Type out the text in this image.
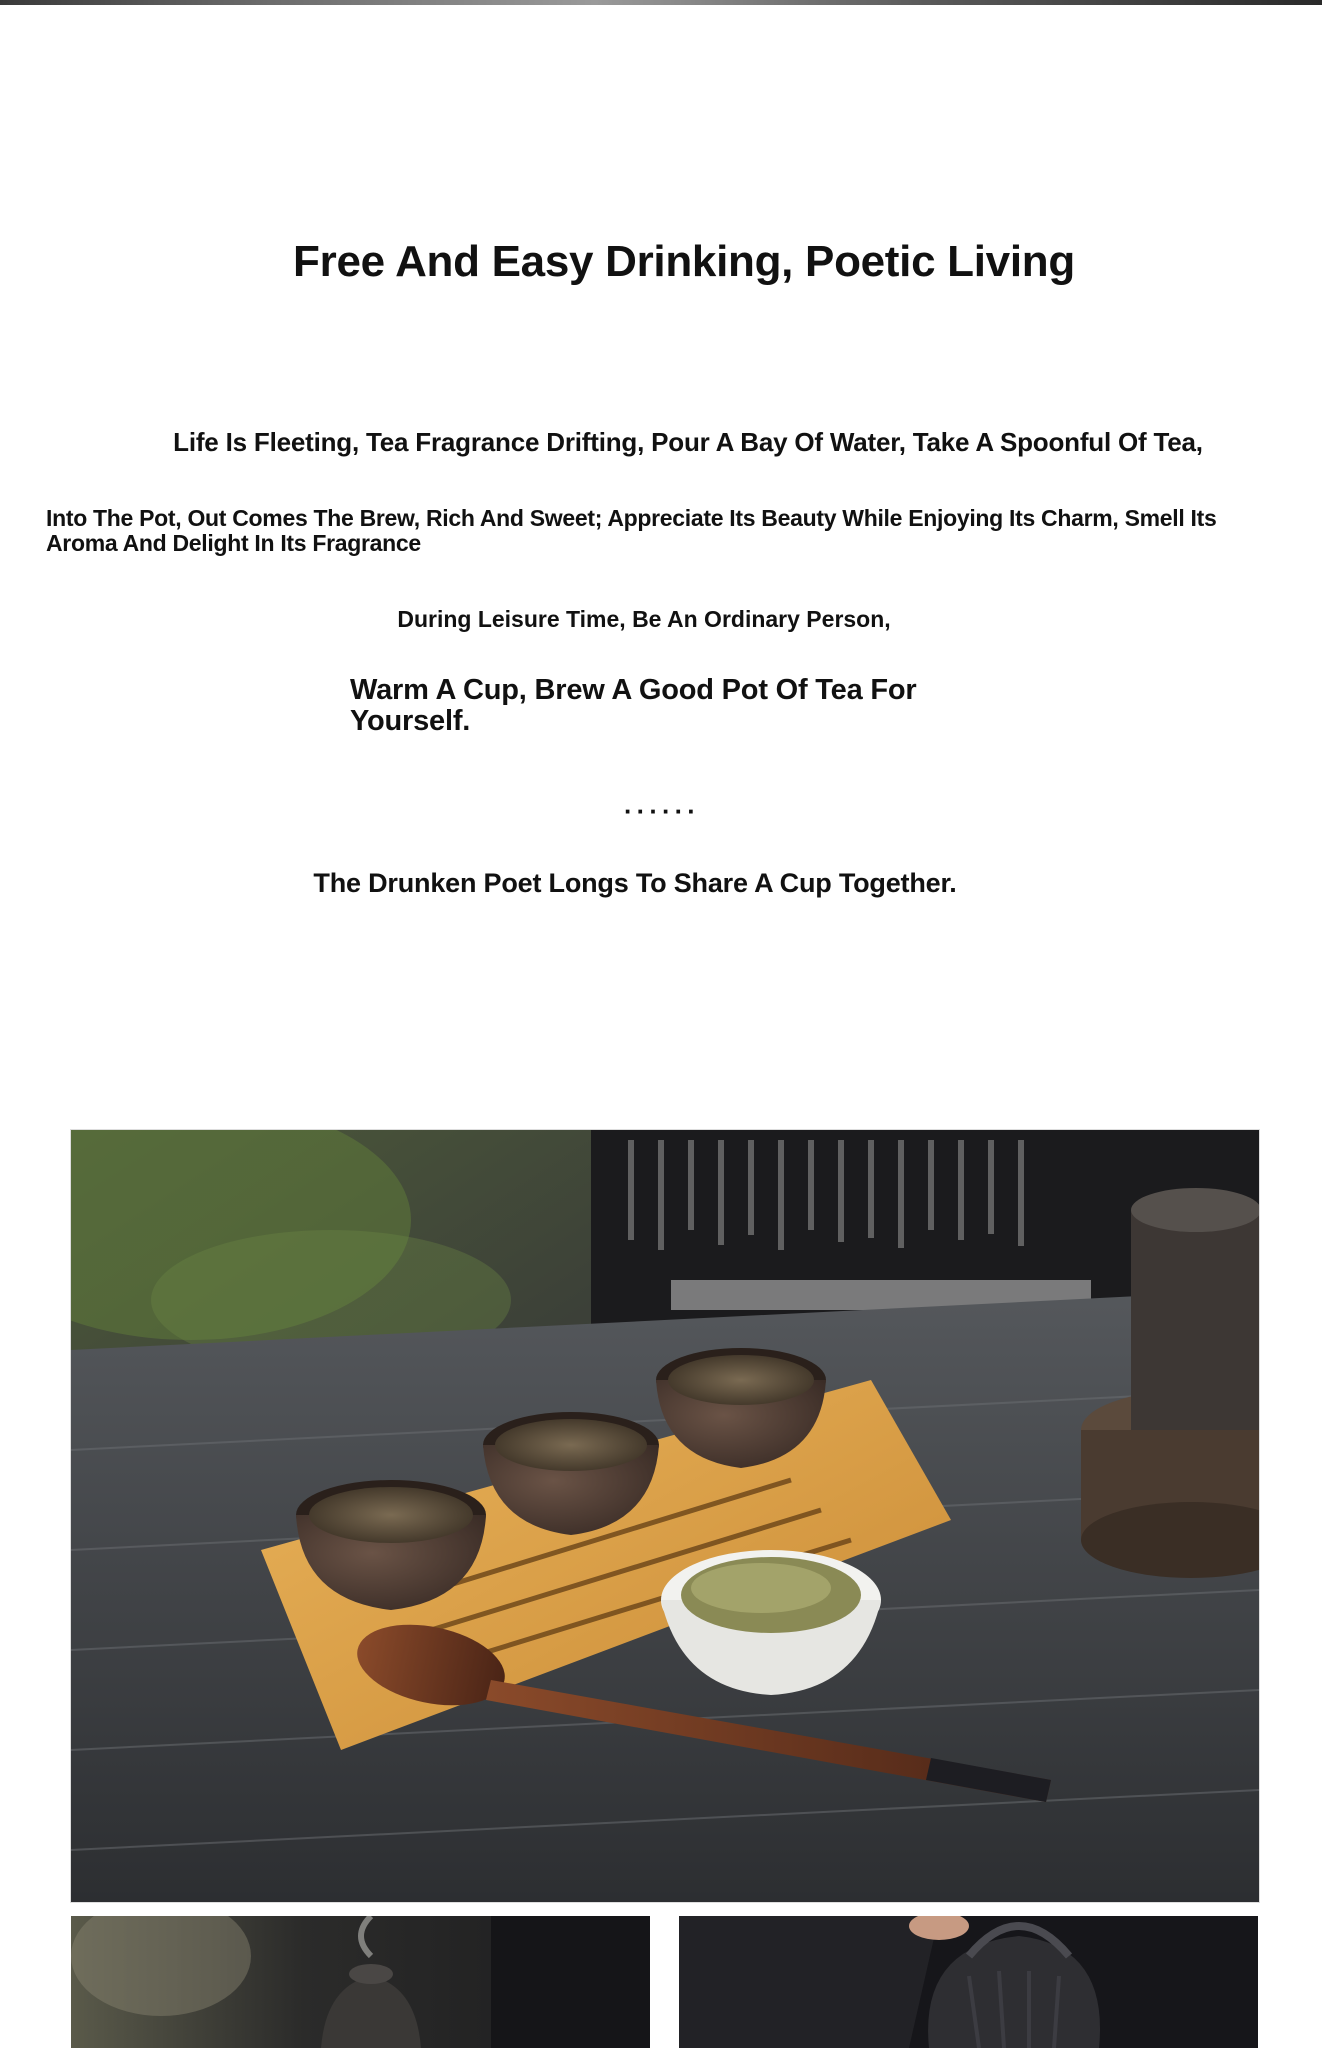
Free And Easy Drinking, Poetic Living

Life Is Fleeting, Tea Fragrance Drifting, Pour A Bay Of Water, Take A Spoonful Of Tea,

Into The Pot, Out Comes The Brew, Rich And Sweet; Appreciate Its Beauty While Enjoying Its Charm, Smell Its Aroma And Delight In Its Fragrance

During Leisure Time, Be An Ordinary Person,

Warm A Cup, Brew A Good Pot Of Tea For Yourself.

······

The Drunken Poet Longs To Share A Cup Together.
